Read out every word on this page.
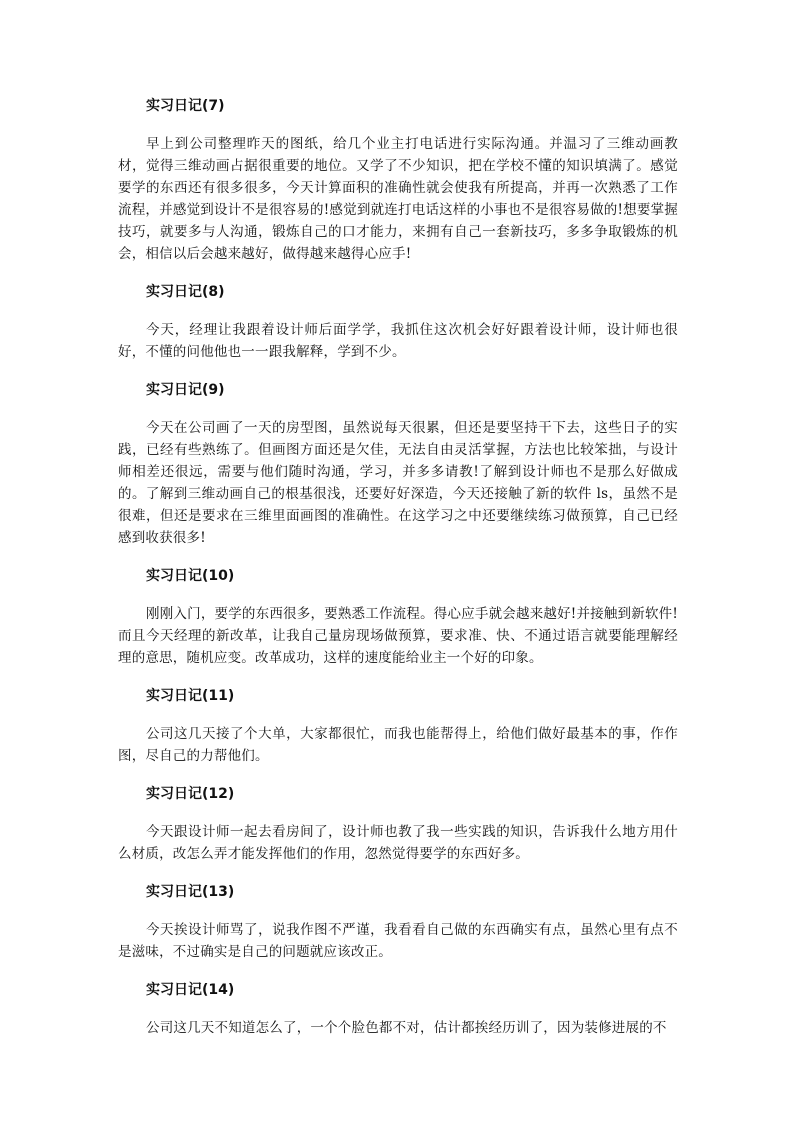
实习日记(7)

早上到公司整理昨天的图纸，给几个业主打电话进行实际沟通。并温习了三维动画教材，觉得三维动画占据很重要的地位。又学了不少知识，把在学校不懂的知识填满了。感觉要学的东西还有很多很多，今天计算面积的准确性就会使我有所提高，并再一次熟悉了工作流程，并感觉到设计不是很容易的!感觉到就连打电话这样的小事也不是很容易做的!想要掌握技巧，就要多与人沟通，锻炼自己的口才能力，来拥有自己一套新技巧，多多争取锻炼的机会，相信以后会越来越好，做得越来越得心应手!

实习日记(8)

今天，经理让我跟着设计师后面学学，我抓住这次机会好好跟着设计师，设计师也很好，不懂的问他他也一一跟我解释，学到不少。

实习日记(9)

今天在公司画了一天的房型图，虽然说每天很累，但还是要坚持干下去，这些日子的实践，已经有些熟练了。但画图方面还是欠佳，无法自由灵活掌握，方法也比较笨拙，与设计师相差还很远，需要与他们随时沟通，学习，并多多请教!了解到设计师也不是那么好做成的。了解到三维动画自己的根基很浅，还要好好深造，今天还接触了新的软件 ls，虽然不是很难，但还是要求在三维里面画图的准确性。在这学习之中还要继续练习做预算，自己已经感到收获很多!

实习日记(10)

刚刚入门，要学的东西很多，要熟悉工作流程。得心应手就会越来越好!并接触到新软件!而且今天经理的新改革，让我自己量房现场做预算，要求准、快、不通过语言就要能理解经理的意思，随机应变。改革成功，这样的速度能给业主一个好的印象。

实习日记(11)

公司这几天接了个大单，大家都很忙，而我也能帮得上，给他们做好最基本的事，作作图，尽自己的力帮他们。

实习日记(12)

今天跟设计师一起去看房间了，设计师也教了我一些实践的知识，告诉我什么地方用什么材质，改怎么弄才能发挥他们的作用，忽然觉得要学的东西好多。

实习日记(13)

今天挨设计师骂了，说我作图不严谨，我看看自己做的东西确实有点，虽然心里有点不是滋味，不过确实是自己的问题就应该改正。

实习日记(14)

公司这几天不知道怎么了，一个个脸色都不对，估计都挨经历训了，因为装修进展的不
